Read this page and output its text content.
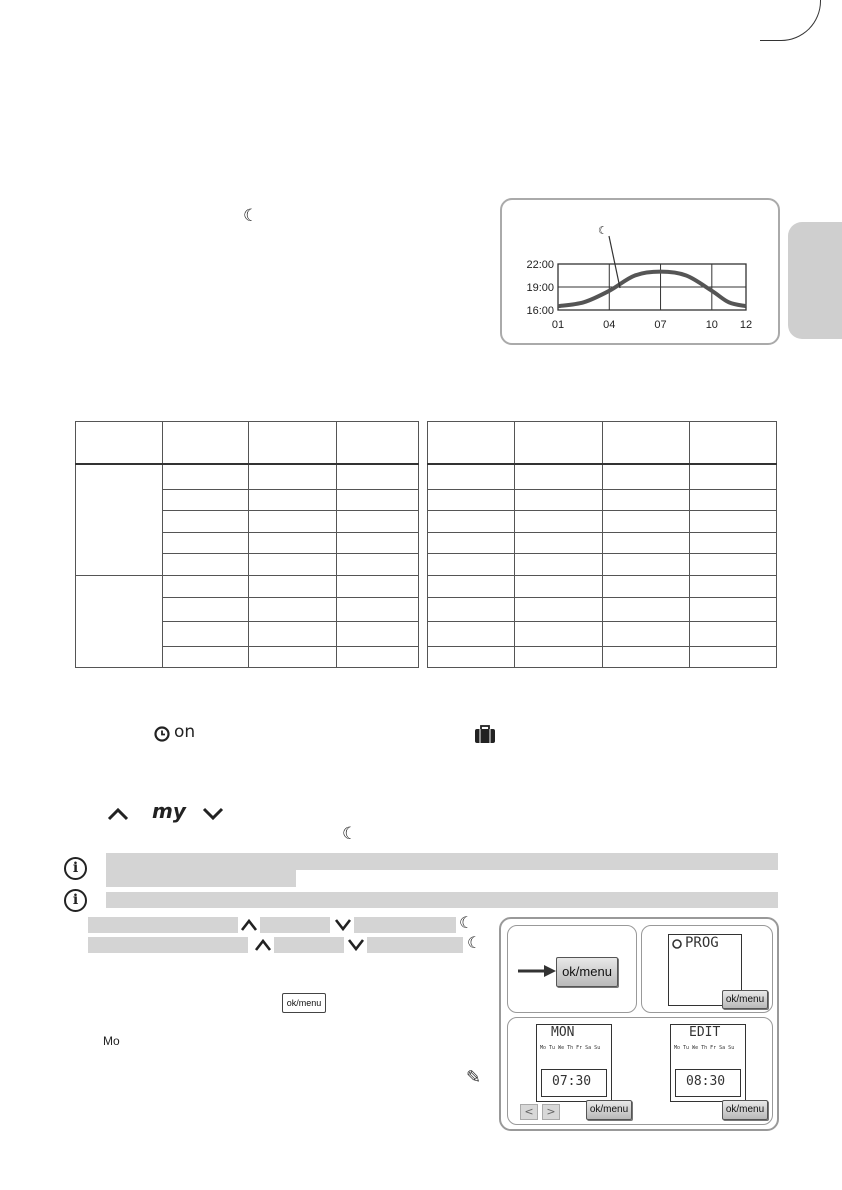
☾
22:00
19:00
16:00
01	04	07	10 12
☾

on
my
☾
i
i
☾
☾
ok/menu
Mo
✎
ok/menu
PROG
ok/menu
MON
Mo Tu We Th Fr Sa Su
07:30
<	>	ok/menu
EDIT
Mo Tu We Th Fr Sa Su
08:30
ok/menu
